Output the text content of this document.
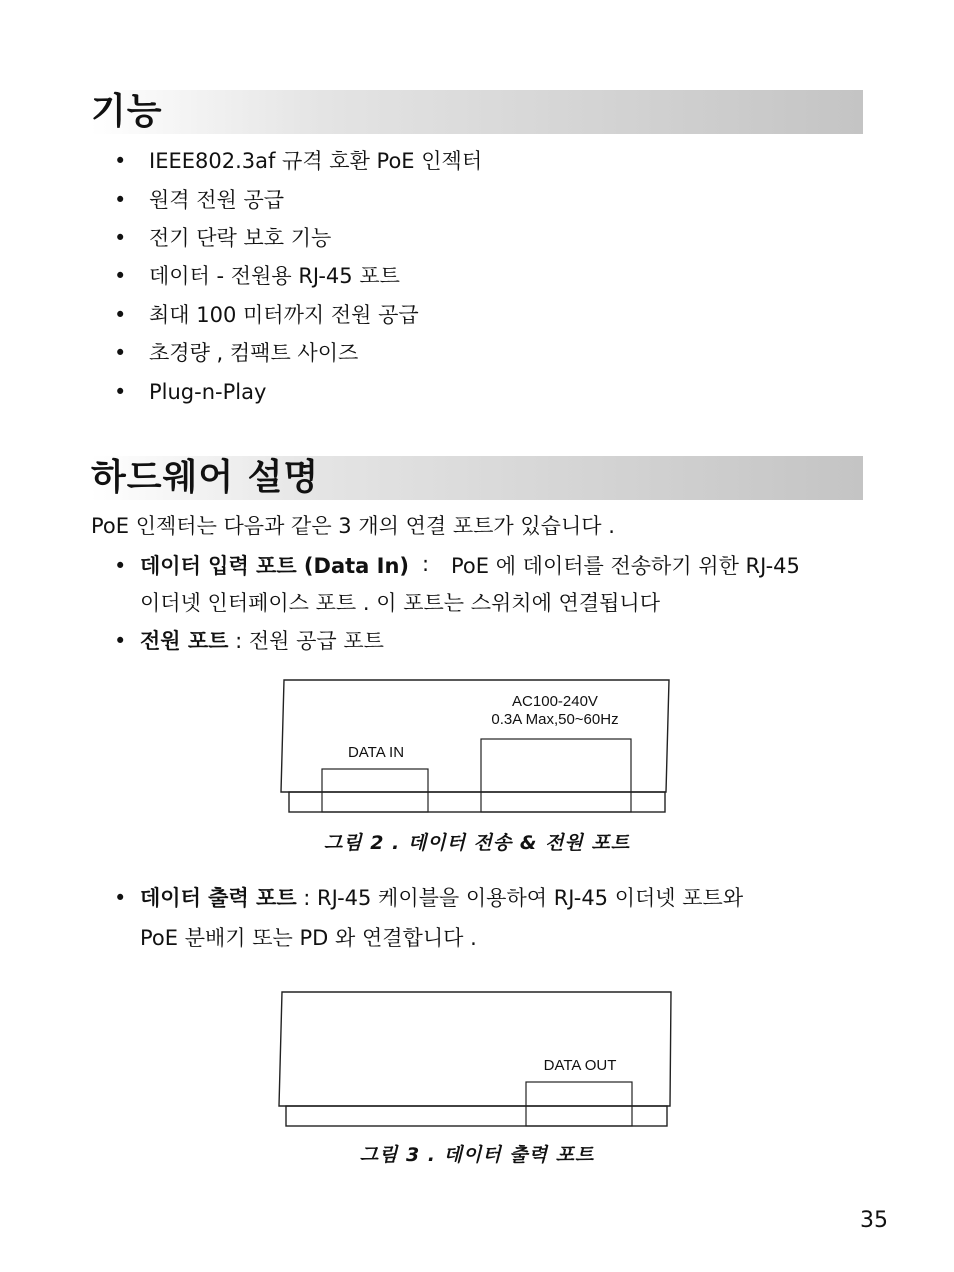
기능
• IEEE802.3af 규격 호환 PoE 인젝터
• 원격 전원 공급
• 전기 단락 보호 기능
• 데이터 - 전원용 RJ-45 포트
• 최대 100 미터까지 전원 공급
• 초경량 , 컴팩트 사이즈
• Plug-n-Play
하드웨어 설명
PoE 인젝터는 다음과 같은 3 개의 연결 포트가 있습니다 .
• 데이터 입력 포트 (Data In) : PoE 에 데이터를 전송하기 위한 RJ-45
이더넷 인터페이스 포트 . 이 포트는 스위치에 연결됩니다
• 전원 포트 : 전원 공급 포트
AC100-240V
0.3A Max,50~60Hz
DATA IN
그림 2 . 데이터 전송 & 전원 포트
• 데이터 출력 포트 : RJ-45 케이블을 이용하여 RJ-45 이더넷 포트와
PoE 분배기 또는 PD 와 연결합니다 .
DATA OUT
그림 3 . 데이터 출력 포트
35
